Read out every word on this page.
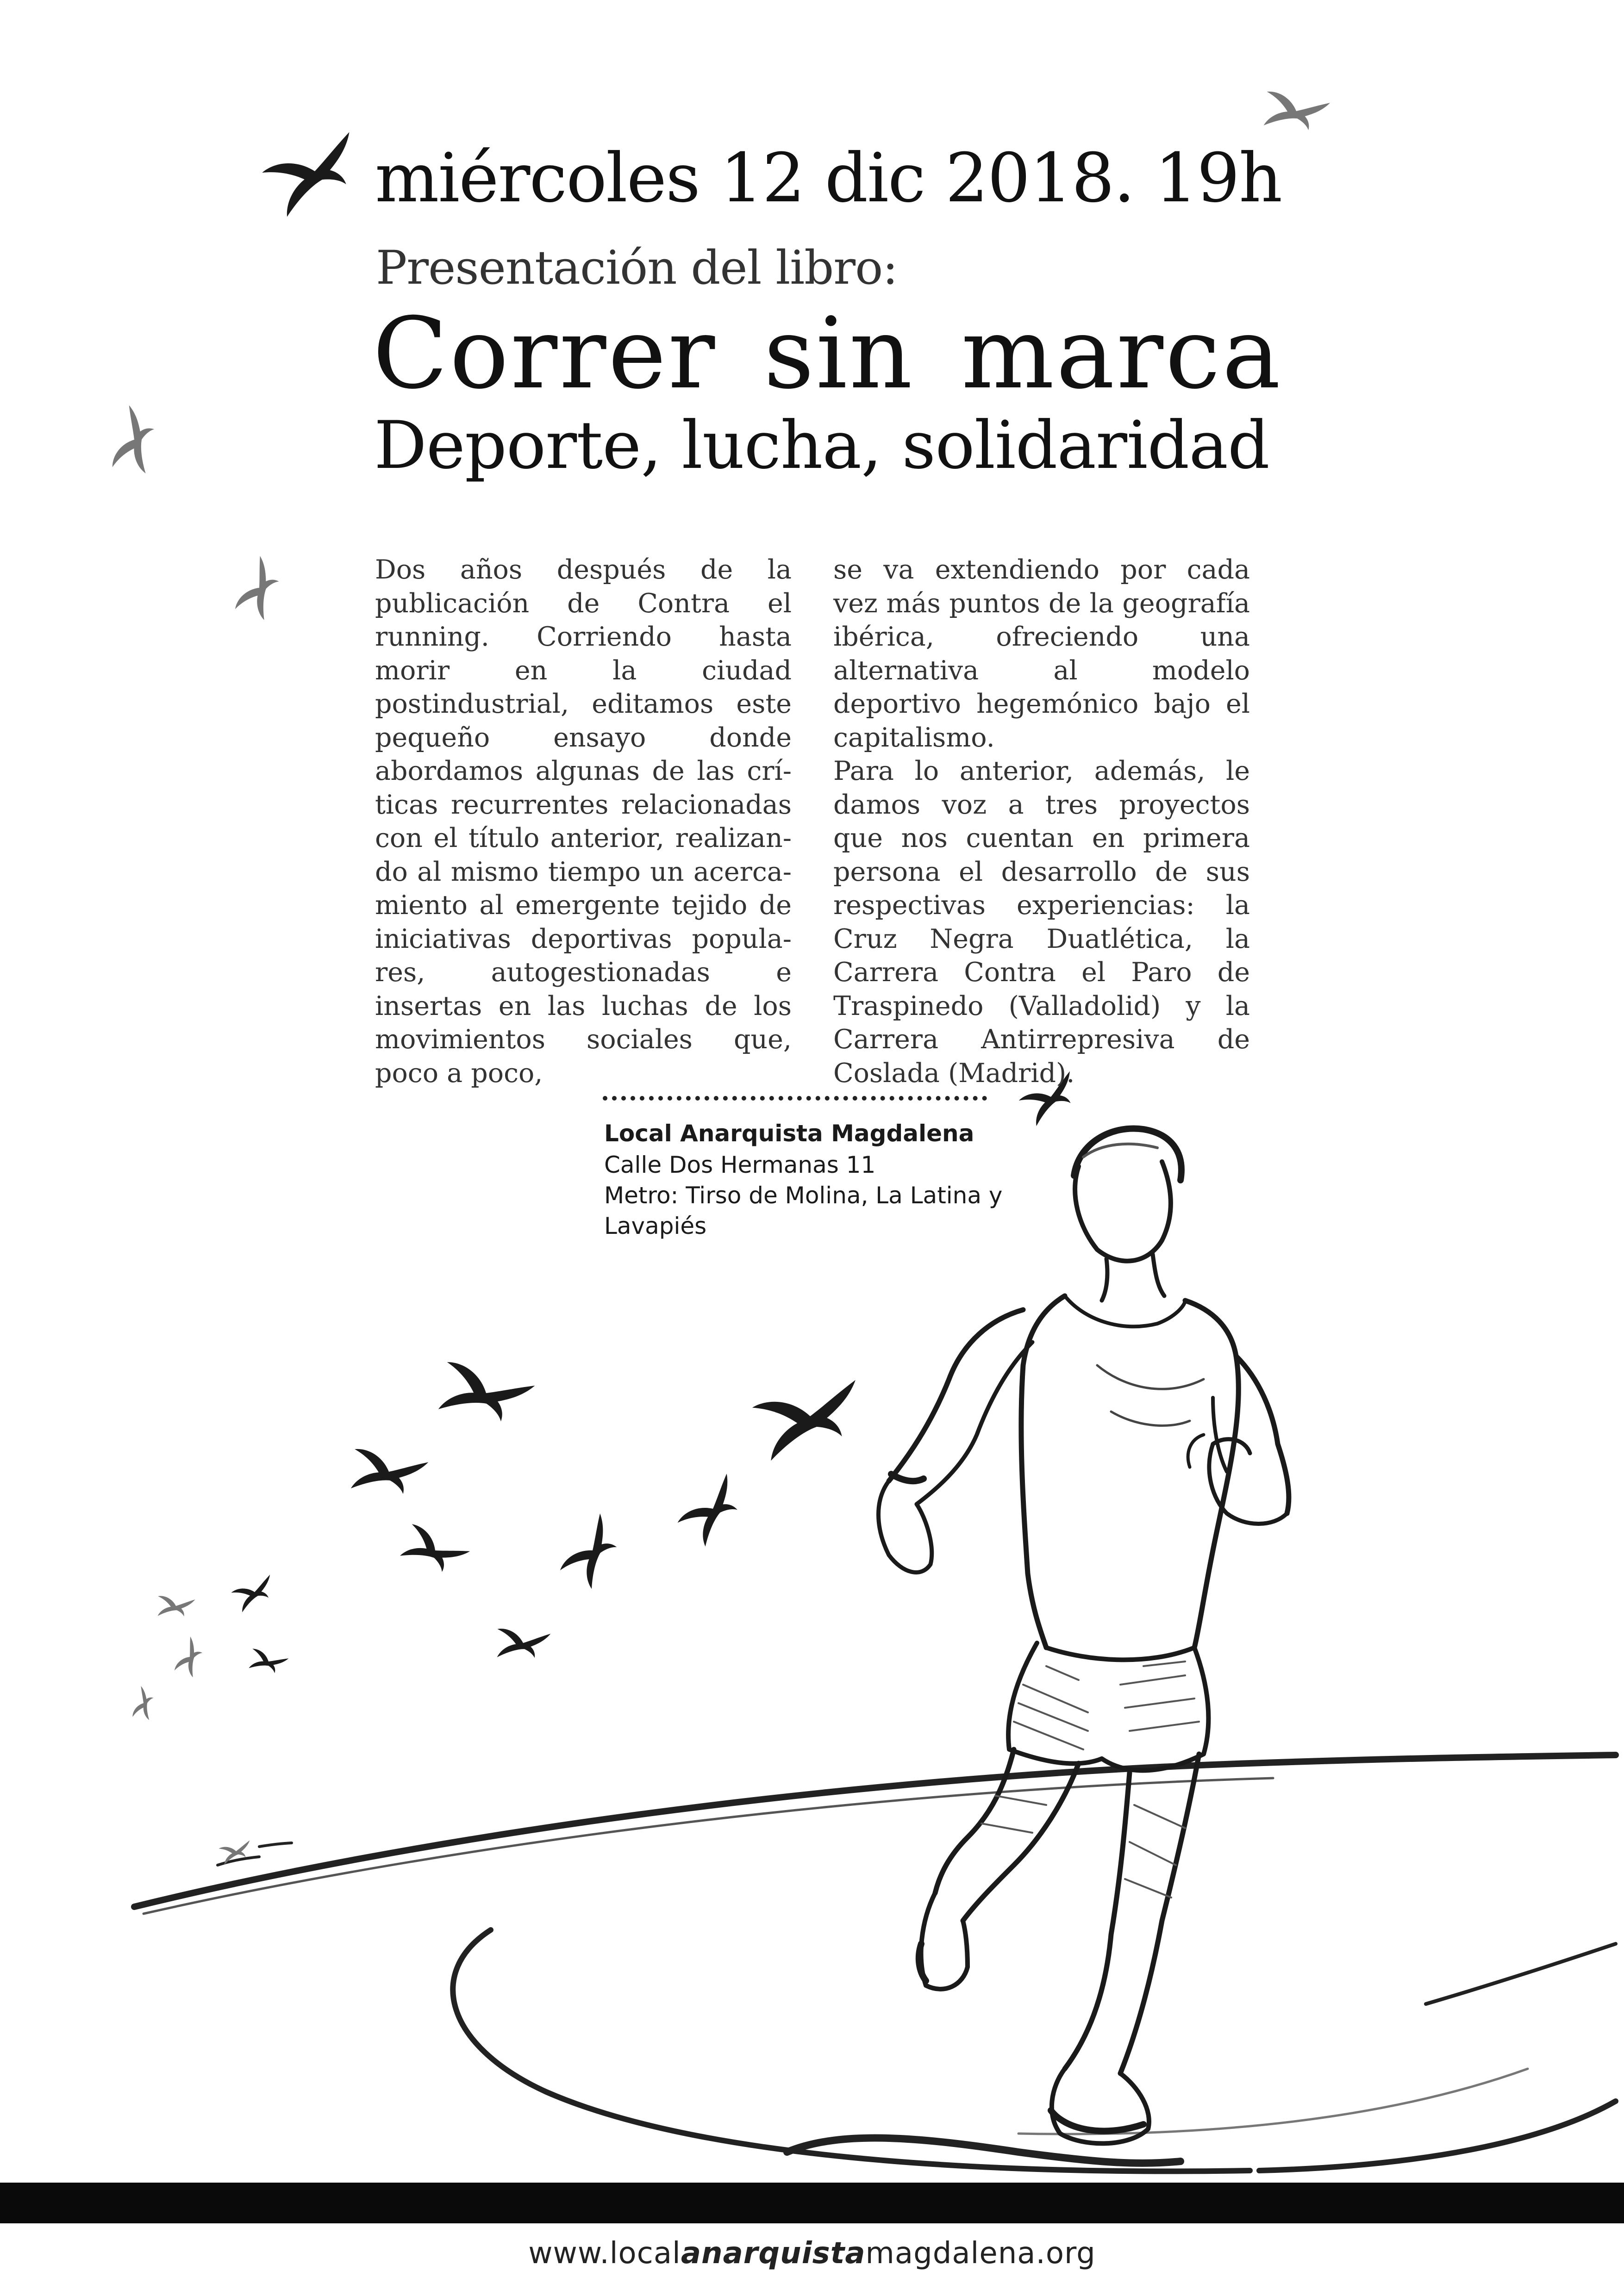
miércoles 12 dic 2018. 19h
Presentación del libro:
Correr sin marca
Deporte, lucha, solidaridad

Dos años después de la publicación de Contra el running. Corriendo hasta morir en la ciudad postindustrial, editamos este pequeño ensayo donde abordamos algunas de las críticas recurrentes relacionadas con el título anterior, realizando al mismo tiempo un acercamiento al emergente tejido de iniciativas deportivas populares, autogestionadas e insertas en las luchas de los movimientos sociales que, poco a poco,

se va extendiendo por cada vez más puntos de la geografía ibérica, ofreciendo una alternativa al modelo deportivo hegemónico bajo el capitalismo.

Para lo anterior, además, le damos voz a tres proyectos que nos cuentan en primera persona el desarrollo de sus respectivas experiencias: la Cruz Negra Duatlética, la Carrera Contra el Paro de Traspinedo (Valladolid) y la Carrera Antirrepresiva de Coslada (Madrid).

Local Anarquista Magdalena
Calle Dos Hermanas 11
Metro: Tirso de Molina, La Latina y Lavapiés
www.localanarquistamagdalena.org
